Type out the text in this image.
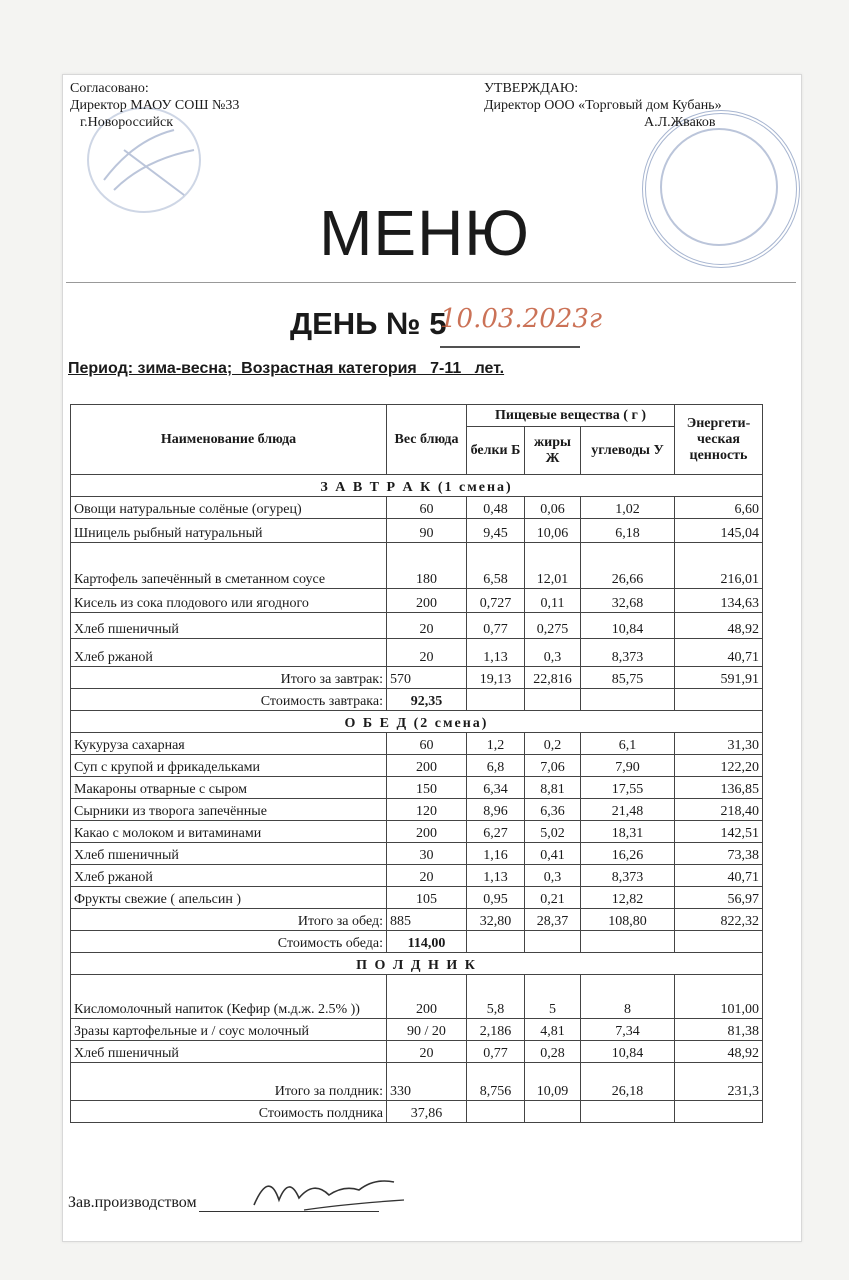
Согласовано:
Директор МАОУ СОШ №33
г.Новороссийск
УТВЕРЖДАЮ:
Директор ООО «Торговый дом Кубань»
А.Л.Жваков
МЕНЮ
ДЕНЬ № 5
10.03.2023г
Период: зима-весна;  Возрастная категория   7-11   лет.
Наименование блюда	Вес блюда	Пищевые вещества ( г )			Энергети-ческая ценность
		белки Б	жиры Ж	углеводы У	
З А В Т Р А К (1 смена)					
Овощи натуральные солёные (огурец)	60	0,48	0,06	1,02	6,60
Шницель рыбный натуральный	90	9,45	10,06	6,18	145,04
Картофель запечённый в сметанном соусе	180	6,58	12,01	26,66	216,01
Кисель из сока плодового или ягодного	200	0,727	0,11	32,68	134,63
Хлеб пшеничный	20	0,77	0,275	10,84	48,92
Хлеб ржаной	20	1,13	0,3	8,373	40,71
Итого за завтрак:	570	19,13	22,816	85,75	591,91
Стоимость завтрака:	92,35				
О Б Е Д (2 смена)					
Кукуруза сахарная	60	1,2	0,2	6,1	31,30
Суп с крупой и фрикадельками	200	6,8	7,06	7,90	122,20
Макароны отварные с сыром	150	6,34	8,81	17,55	136,85
Сырники из творога запечённые	120	8,96	6,36	21,48	218,40
Какао с молоком и витаминами	200	6,27	5,02	18,31	142,51
Хлеб пшеничный	30	1,16	0,41	16,26	73,38
Хлеб ржаной	20	1,13	0,3	8,373	40,71
Фрукты свежие ( апельсин )	105	0,95	0,21	12,82	56,97
Итого за обед:	885	32,80	28,37	108,80	822,32
Стоимость обеда:	114,00				
П О Л Д Н И К					
Кисломолочный напиток (Кефир (м.д.ж. 2.5% ))	200	5,8	5	8	101,00
Зразы картофельные и / соус молочный	90 / 20	2,186	4,81	7,34	81,38
Хлеб пшеничный	20	0,77	0,28	10,84	48,92
Итого за полдник:	330	8,756	10,09	26,18	231,3
Стоимость полдника	37,86				
Зав.производством
